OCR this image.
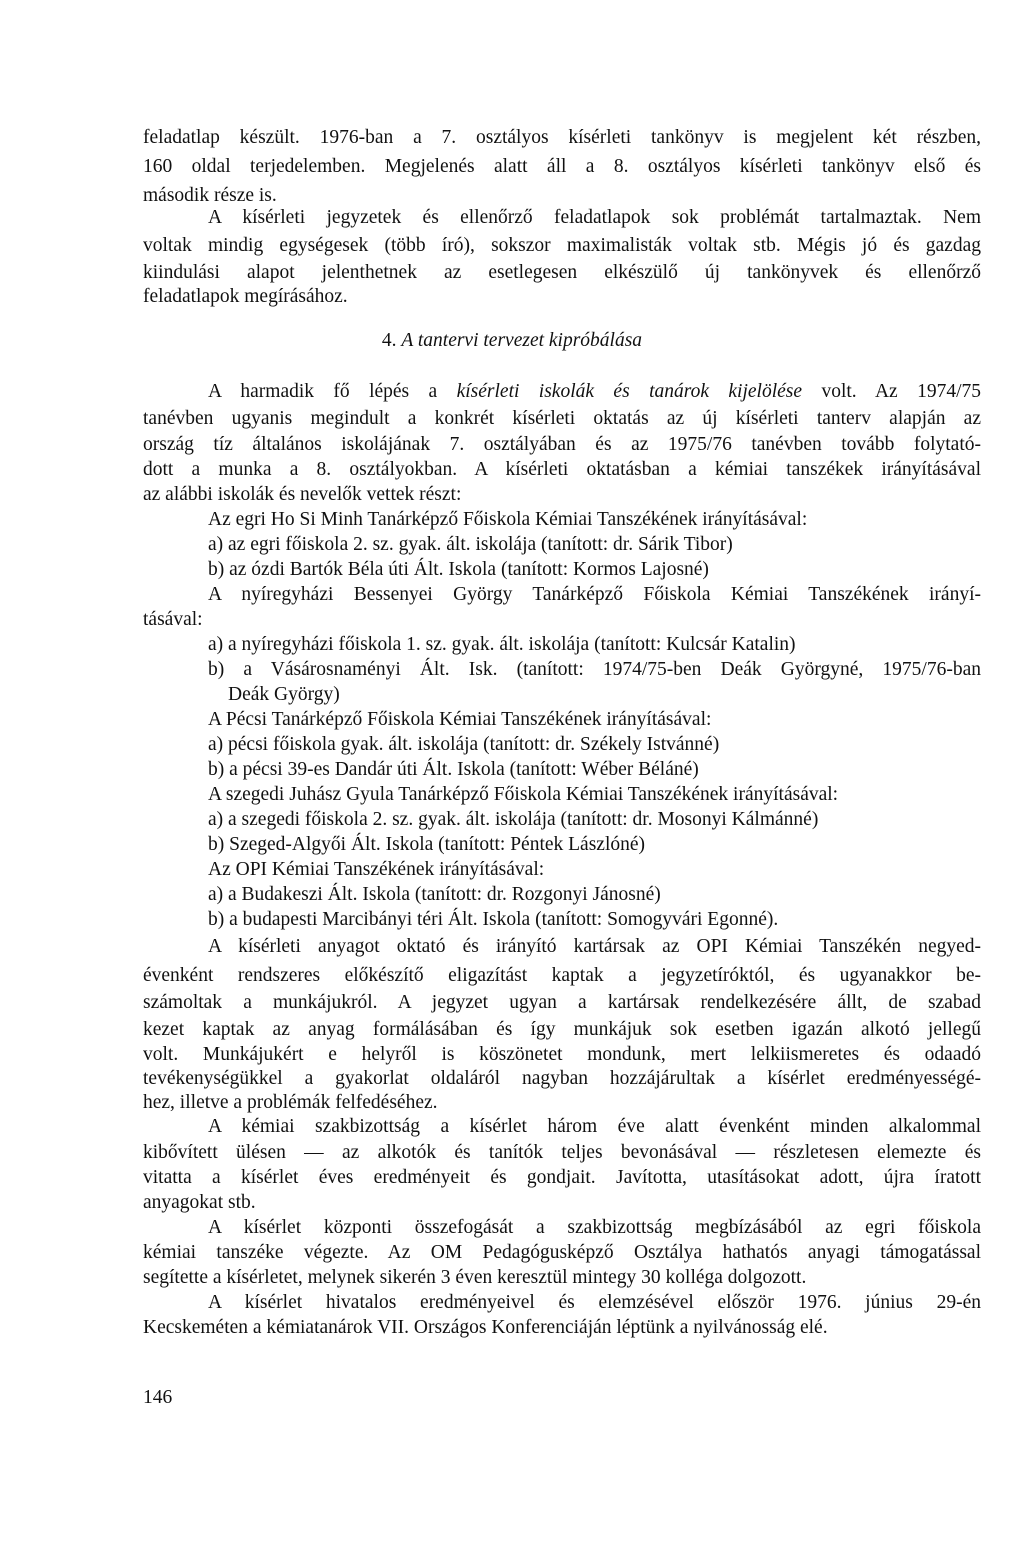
feladatlap készült. 1976-ban a 7. osztályos kísérleti tankönyv is megjelent két részben,
160 oldal terjedelemben. Megjelenés alatt áll a 8. osztályos kísérleti tankönyv első és
második része is.
A kísérleti jegyzetek és ellenőrző feladatlapok sok problémát tartalmaztak. Nem
voltak mindig egységesek (több író), sokszor maximalisták voltak stb. Mégis jó és gazdag
kiindulási alapot jelenthetnek az esetlegesen elkészülő új tankönyvek és ellenőrző
feladatlapok megírásához.
4. A tantervi tervezet kipróbálása
A harmadik fő lépés a kísérleti iskolák és tanárok kijelölése volt. Az 1974/75
tanévben ugyanis megindult a konkrét kísérleti oktatás az új kísérleti tanterv alapján az
ország tíz általános iskolájának 7. osztályában és az 1975/76 tanévben tovább folytató-
dott a munka a 8. osztályokban. A kísérleti oktatásban a kémiai tanszékek irányításával
az alábbi iskolák és nevelők vettek részt:
Az egri Ho Si Minh Tanárképző Főiskola Kémiai Tanszékének irányításával:
a) az egri főiskola 2. sz. gyak. ált. iskolája (tanított: dr. Sárik Tibor)
b) az ózdi Bartók Béla úti Ált. Iskola (tanított: Kormos Lajosné)
A nyíregyházi Bessenyei György Tanárképző Főiskola Kémiai Tanszékének irányí-
tásával:
a) a nyíregyházi főiskola 1. sz. gyak. ált. iskolája (tanított: Kulcsár Katalin)
b) a Vásárosnaményi Ált. Isk. (tanított: 1974/75-ben Deák Györgyné, 1975/76-ban
Deák György)
A Pécsi Tanárképző Főiskola Kémiai Tanszékének irányításával:
a) pécsi főiskola gyak. ált. iskolája (tanított: dr. Székely Istvánné)
b) a pécsi 39-es Dandár úti Ált. Iskola (tanított: Wéber Béláné)
A szegedi Juhász Gyula Tanárképző Főiskola Kémiai Tanszékének irányításával:
a) a szegedi főiskola 2. sz. gyak. ált. iskolája (tanított: dr. Mosonyi Kálmánné)
b) Szeged-Algyői Ált. Iskola (tanított: Péntek Lászlóné)
Az OPI Kémiai Tanszékének irányításával:
a) a Budakeszi Ált. Iskola (tanított: dr. Rozgonyi Jánosné)
b) a budapesti Marcibányi téri Ált. Iskola (tanított: Somogyvári Egonné).
A kísérleti anyagot oktató és irányító kartársak az OPI Kémiai Tanszékén negyed-
évenként rendszeres előkészítő eligazítást kaptak a jegyzetíróktól, és ugyanakkor be-
számoltak a munkájukról. A jegyzet ugyan a kartársak rendelkezésére állt, de szabad
kezet kaptak az anyag formálásában és így munkájuk sok esetben igazán alkotó jellegű
volt. Munkájukért e helyről is köszönetet mondunk, mert lelkiismeretes és odaadó
tevékenységükkel a gyakorlat oldaláról nagyban hozzájárultak a kísérlet eredményességé-
hez, illetve a problémák felfedéséhez.
A kémiai szakbizottság a kísérlet három éve alatt évenként minden alkalommal
kibővített ülésen — az alkotók és tanítók teljes bevonásával — részletesen elemezte és
vitatta a kísérlet éves eredményeit és gondjait. Javította, utasításokat adott, újra íratott
anyagokat stb.
A kísérlet központi összefogását a szakbizottság megbízásából az egri főiskola
kémiai tanszéke végezte. Az OM Pedagógusképző Osztálya hathatós anyagi támogatással
segítette a kísérletet, melynek sikerén 3 éven keresztül mintegy 30 kolléga dolgozott.
A kísérlet hivatalos eredményeivel és elemzésével először 1976. június 29-én
Kecskeméten a kémiatanárok VII. Országos Konferenciáján léptünk a nyilvánosság elé.
146
